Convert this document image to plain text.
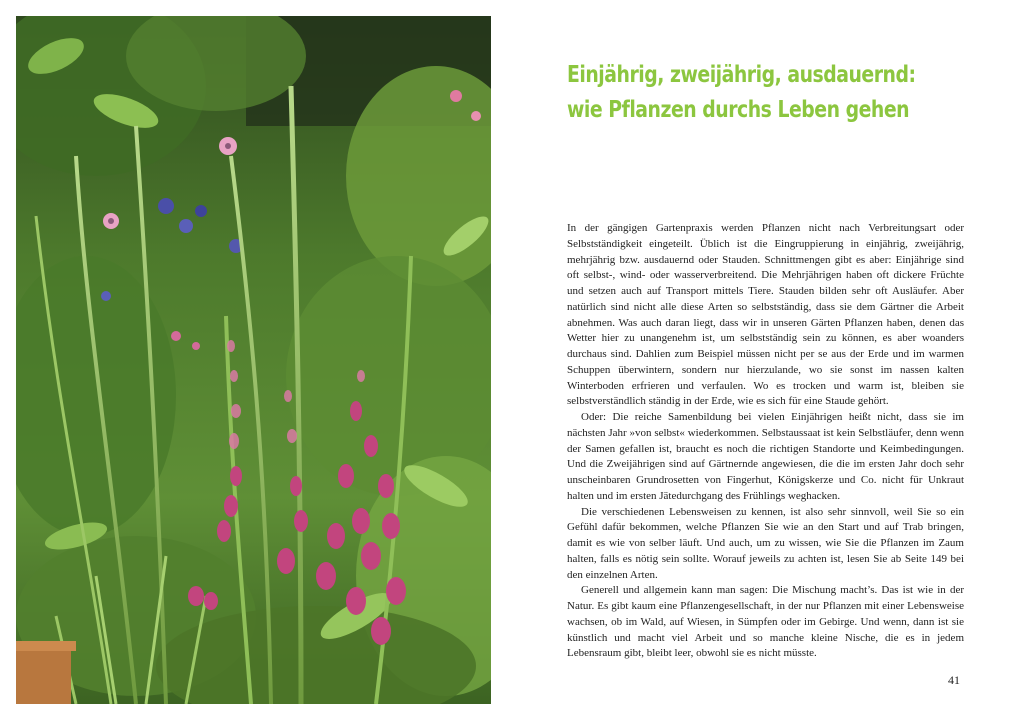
Einjährig, zweijährig, ausdauernd:
wie Pflanzen durchs Leben gehen

In der gängigen Gartenpraxis werden Pflanzen nicht nach Verbreitungsart oder Selbstständigkeit eingeteilt. Üblich ist die Eingruppierung in einjährig, zweijährig, mehrjährig bzw. ausdauernd oder Stauden. Schnittmengen gibt es aber: Einjährige sind oft selbst-, wind- oder wasserverbreitend. Die Mehrjährigen haben oft dickere Früchte und setzen auch auf Transport mittels Tiere. Stauden bilden sehr oft Ausläufer. Aber natürlich sind nicht alle diese Arten so selbstständig, dass sie dem Gärtner die Arbeit abnehmen. Was auch daran liegt, dass wir in unseren Gärten Pflanzen haben, denen das Wetter hier zu unangenehm ist, um selbstständig sein zu können, es aber woanders durchaus sind. Dahlien zum Beispiel müssen nicht per se aus der Erde und im warmen Schuppen überwintern, sondern nur hierzulande, wo sie sonst im nassen kalten Winterboden erfrieren und verfaulen. Wo es trocken und warm ist, bleiben sie selbstverständlich ständig in der Erde, wie es sich für eine Staude gehört.

Oder: Die reiche Samenbildung bei vielen Einjährigen heißt nicht, dass sie im nächsten Jahr »von selbst« wiederkommen. Selbstaussaat ist kein Selbstläufer, denn wenn der Samen gefallen ist, braucht es noch die richtigen Standorte und Keimbedingungen. Und die Zweijährigen sind auf Gärtnernde angewiesen, die die im ersten Jahr doch sehr unscheinbaren Grundrosetten von Fingerhut, Königskerze und Co. nicht für Unkraut halten und im ersten Jätedurchgang des Frühlings weghacken.

Die verschiedenen Lebensweisen zu kennen, ist also sehr sinnvoll, weil Sie so ein Gefühl dafür bekommen, welche Pflanzen Sie wie an den Start und auf Trab bringen, damit es wie von selber läuft. Und auch, um zu wissen, wie Sie die Pflanzen im Zaum halten, falls es nötig sein sollte. Worauf jeweils zu achten ist, lesen Sie ab Seite 149 bei den einzelnen Arten.

Generell und allgemein kann man sagen: Die Mischung macht’s. Das ist wie in der Natur. Es gibt kaum eine Pflanzengesellschaft, in der nur Pflanzen mit einer Lebensweise wachsen, ob im Wald, auf Wiesen, in Sümpfen oder im Gebirge. Und wenn, dann ist sie künstlich und macht viel Arbeit und so manche kleine Nische, die es in jedem Lebensraum gibt, bleibt leer, obwohl sie es nicht müsste.

41
